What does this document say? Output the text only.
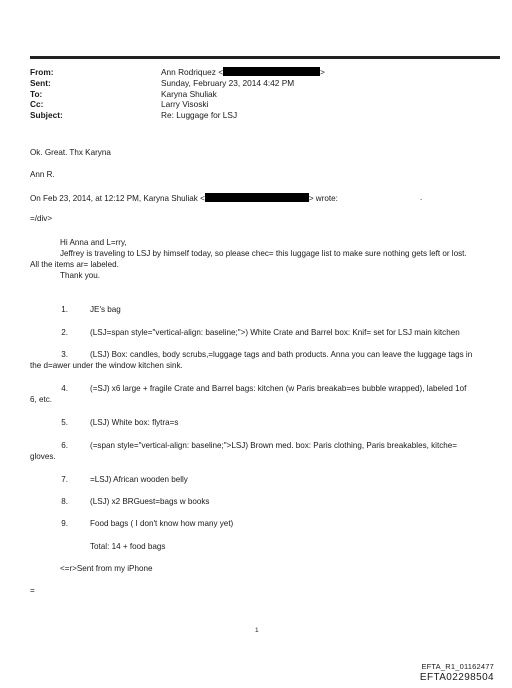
From:	Ann Rodriquez <	>
Sent:	Sunday, February 23, 2014 4:42 PM
To:	Karyna Shuliak
Cc:	Larry Visoski
Subject:	Re: Luggage for LSJ
Ok. Great. Thx Karyna
Ann R.
On Feb 23, 2014, at 12:12 PM, Karyna Shuliak <	> wrote:	.
=/div>
Hi Anna and L=rry,
Jeffrey is traveling to LSJ by himself today, so please chec= this luggage list to make sure nothing gets left or lost.
All the items ar= labeled.
Thank you.
1.	JE's bag
2.	(LSJ=span style="vertical-align: baseline;">) White Crate and Barrel box: Knif= set for LSJ main kitchen
3.	(LSJ) Box: candles, body scrubs,=luggage tags and bath products. Anna you can leave the luggage tags in
the d=awer under the window kitchen sink.
4.	(=SJ) x6 large + fragile Crate and Barrel bags: kitchen (w Paris breakab=es bubble wrapped), labeled 1of
6, etc.
5.	(LSJ) White box: flytra=s
6.	(=span style="vertical-align: baseline;">LSJ) Brown med. box: Paris clothing, Paris breakables, kitche=
gloves.
7.	=LSJ) African wooden belly
8.	(LSJ) x2 BRGuest=bags w books
9.	Food bags ( I don't know how many yet)
Total: 14 + food bags
<=r>Sent from my iPhone
=
1
EFTA_R1_01162477
EFTA02298504
